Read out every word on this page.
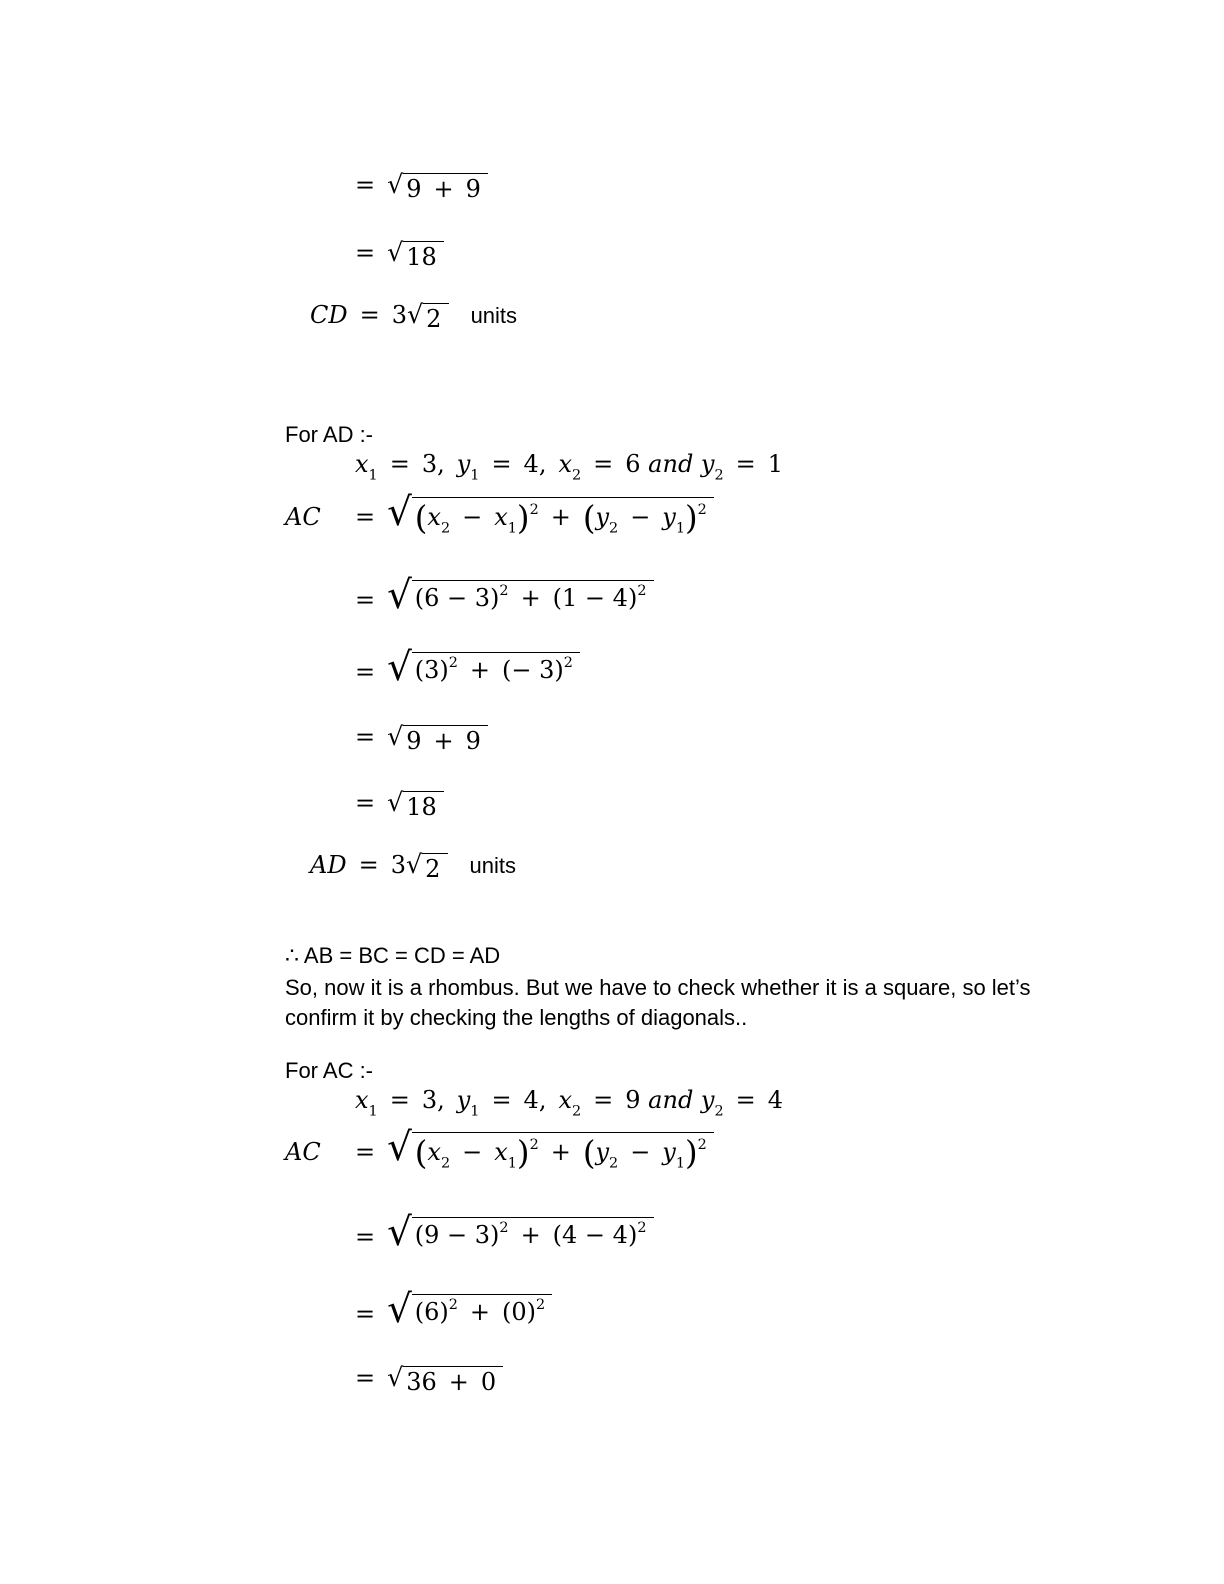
=  √ 9 + 9
=  √ 18
CD = 3 √ 2  units
For AD :-
$x_1$ = 3, $y_1$ = 4, $x_2$ = 6 and $y_2$ = 1
AC =  √ ($x_2$ − $x_1)^2$ + ($y_2$ − $y_1)^2$
=  √ $(6 - 3)^2$ + $(1 - 4)^2$
=  √ $(3)^2$ + (− 3)$^2$
=  √ 9 + 9
=  √ 18
AD = 3 √ 2  units
∴ AB = BC = CD = AD
So, now it is a rhombus. But we have to check whether it is a square, so let’s confirm it by checking the lengths of diagonals..
For AC :-
$x_1$ = 3, $y_1$ = 4, $x_2$ = 9 and $y_2$ = 4
AC =  √ ($x_2$ − $x_1)^2$ + ($y_2$ − $y_1)^2$
=  √ $(9 - 3)^2$ + $(4 - 4)^2$
=  √ $(6)^2$ + $(0)^2$
=  √ 36 + 0
